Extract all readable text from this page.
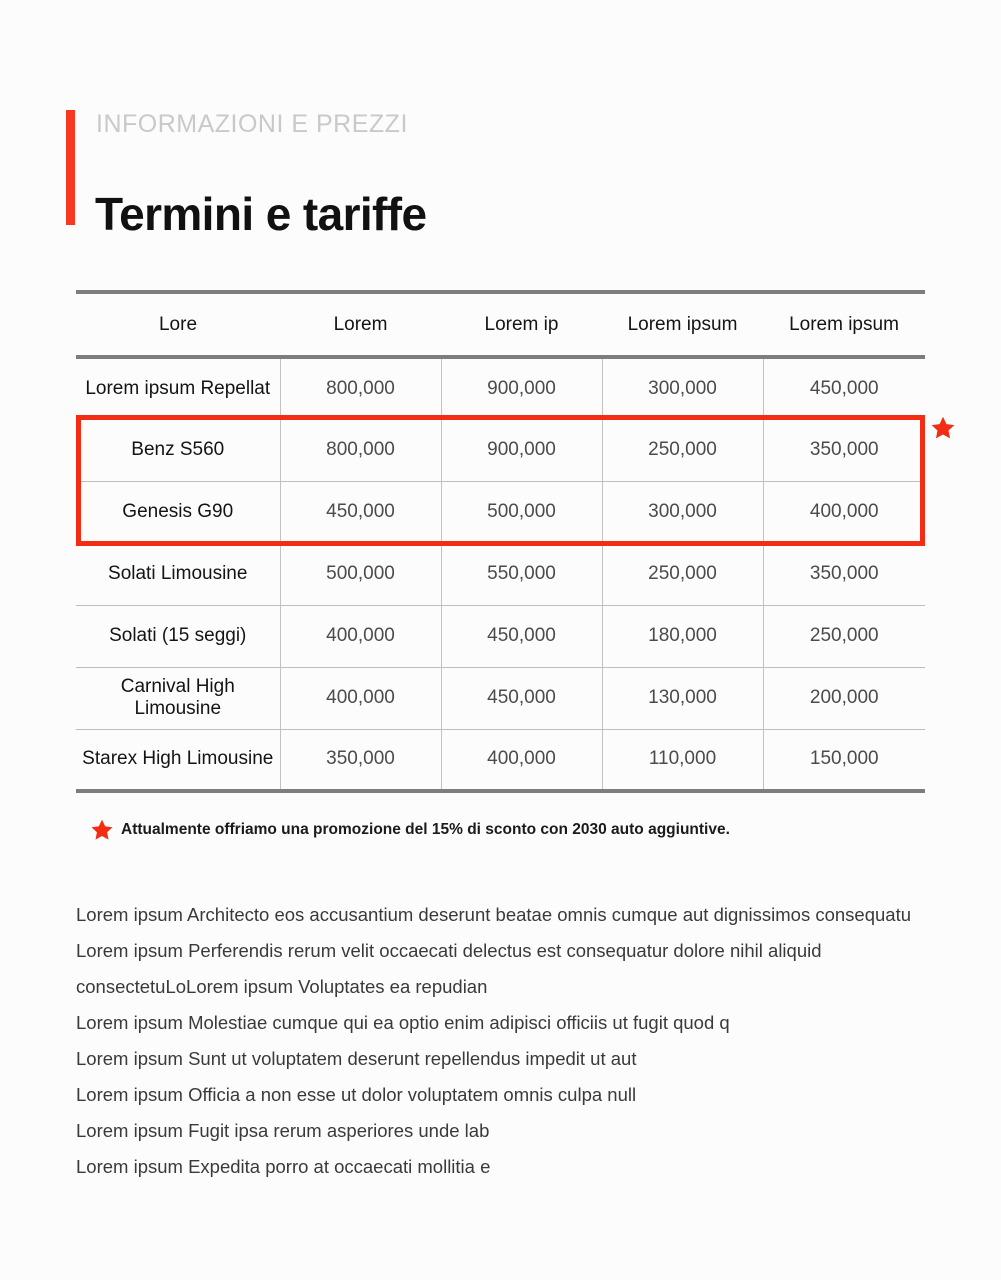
INFORMAZIONI E PREZZI
Termini e tariffe
Lore	Lorem	Lorem ip	Lorem ipsum	Lorem ipsum
Lorem ipsum Repellat	800,000	900,000	300,000	450,000
Benz S560	800,000	900,000	250,000	350,000
Genesis G90	450,000	500,000	300,000	400,000
Solati Limousine	500,000	550,000	250,000	350,000
Solati (15 seggi)	400,000	450,000	180,000	250,000
Carnival High Limousine	400,000	450,000	130,000	200,000
Starex High Limousine	350,000	400,000	110,000	150,000
Attualmente offriamo una promozione del 15% di sconto con 2030 auto aggiuntive.
Lorem ipsum Architecto eos accusantium deserunt beatae omnis cumque aut dignissimos consequatu
Lorem ipsum Perferendis rerum velit occaecati delectus est consequatur dolore nihil aliquid
consectetuLoLorem ipsum Voluptates ea repudian
Lorem ipsum Molestiae cumque qui ea optio enim adipisci officiis ut fugit quod q
Lorem ipsum Sunt ut voluptatem deserunt repellendus impedit ut aut
Lorem ipsum Officia a non esse ut dolor voluptatem omnis culpa null
Lorem ipsum Fugit ipsa rerum asperiores unde lab
Lorem ipsum Expedita porro at occaecati mollitia e
